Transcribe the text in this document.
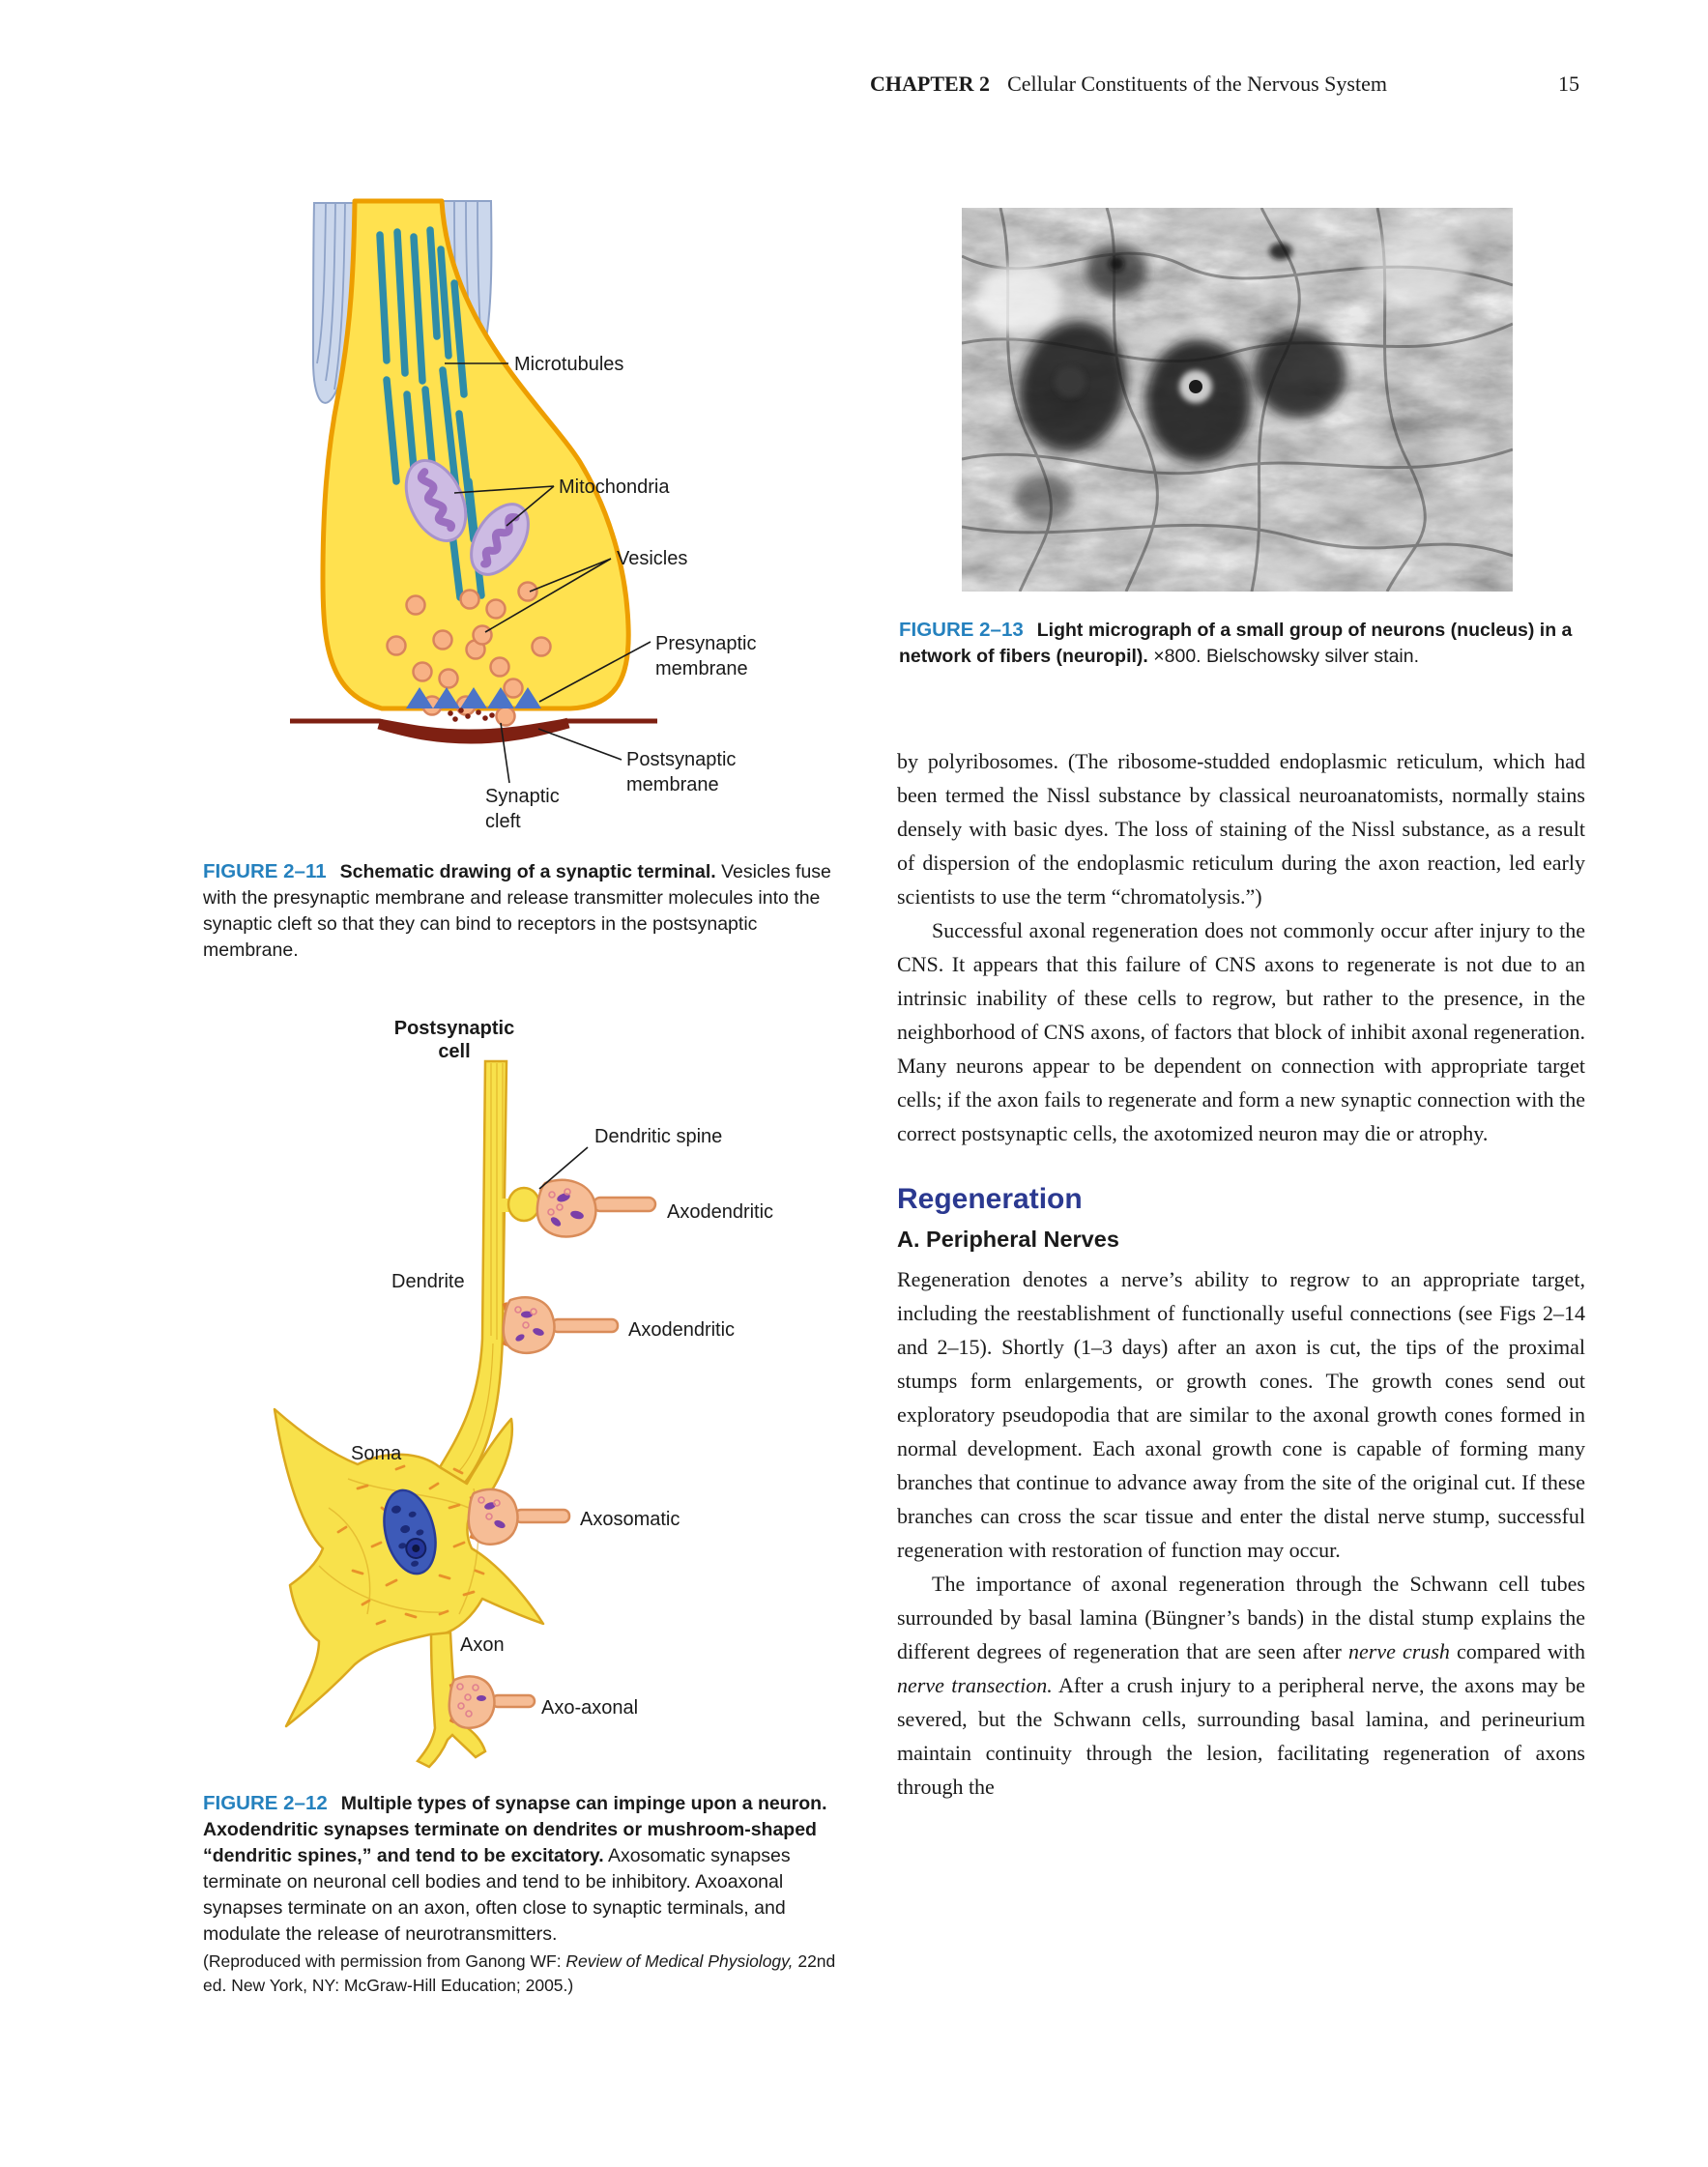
CHAPTER 2 Cellular Constituents of the Nervous System	15
Microtubules
Mitochondria
Vesicles
Presynaptic
membrane
Postsynaptic
membrane
Synaptic
cleft
FIGURE 2–11 Schematic drawing of a synaptic terminal. Vesicles fuse with the presynaptic membrane and release transmitter molecules into the synaptic cleft so that they can bind to receptors in the postsynaptic membrane.
Postsynaptic
cell
Dendritic spine
Axodendritic
Dendrite
Axodendritic
Soma
Axosomatic
Axon
Axo-axonal
FIGURE 2–12 Multiple types of synapse can impinge upon a neuron. Axodendritic synapses terminate on dendrites or mushroom-shaped “dendritic spines,” and tend to be excitatory. Axosomatic synapses terminate on neuronal cell bodies and tend to be inhibitory. Axoaxonal synapses terminate on an axon, often close to synaptic terminals, and modulate the release of neurotransmitters.
(Reproduced with permission from Ganong WF: Review of Medical Physiology, 22nd ed. New York, NY: McGraw-Hill Education; 2005.)
FIGURE 2–13 Light micrograph of a small group of neurons (nucleus) in a network of fibers (neuropil). ×800. Bielschowsky silver stain.

by polyribosomes. (The ribosome-studded endoplasmic reticulum, which had been termed the Nissl substance by classical neuroanatomists, normally stains densely with basic dyes. The loss of staining of the Nissl substance, as a result of dispersion of the endoplasmic reticulum during the axon reaction, led early scientists to use the term “chromatolysis.”)

Successful axonal regeneration does not commonly occur after injury to the CNS. It appears that this failure of CNS axons to regenerate is not due to an intrinsic inability of these cells to regrow, but rather to the presence, in the neighborhood of CNS axons, of factors that block of inhibit axonal regeneration. Many neurons appear to be dependent on connection with appropriate target cells; if the axon fails to regenerate and form a new synaptic connection with the correct postsynaptic cells, the axotomized neuron may die or atrophy.

Regeneration
A. Peripheral Nerves

Regeneration denotes a nerve’s ability to regrow to an appropriate target, including the reestablishment of functionally useful connections (see Figs 2–14 and 2–15). Shortly (1–3 days) after an axon is cut, the tips of the proximal stumps form enlargements, or growth cones. The growth cones send out exploratory pseudopodia that are similar to the axonal growth cones formed in normal development. Each axonal growth cone is capable of forming many branches that continue to advance away from the site of the original cut. If these branches can cross the scar tissue and enter the distal nerve stump, successful regeneration with restoration of function may occur.

The importance of axonal regeneration through the Schwann cell tubes surrounded by basal lamina (Büngner’s bands) in the distal stump explains the different degrees of regeneration that are seen after nerve crush compared with nerve transection. After a crush injury to a peripheral nerve, the axons may be severed, but the Schwann cells, surrounding basal lamina, and perineurium maintain continuity through the lesion, facilitating regeneration of axons through the
